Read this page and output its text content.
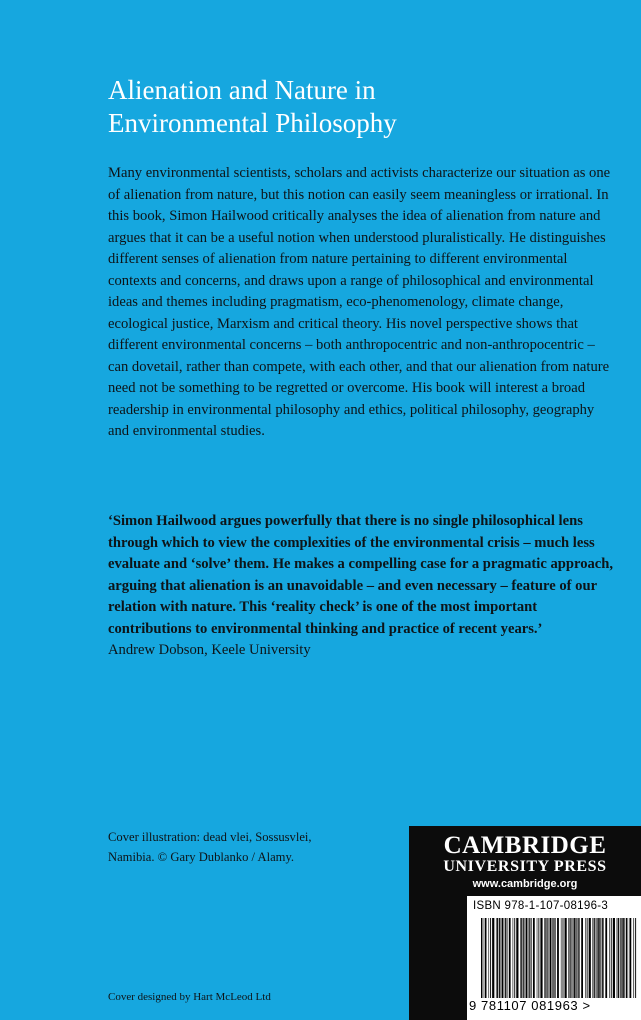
Alienation and Nature in
Environmental Philosophy

Many environmental scientists, scholars and activists characterize our situation as one of alienation from nature, but this notion can easily seem meaningless or irrational. In this book, Simon Hailwood critically analyses the idea of alienation from nature and argues that it can be a useful notion when understood pluralistically. He distinguishes different senses of alienation from nature pertaining to different environmental contexts and concerns, and draws upon a range of philosophical and environmental ideas and themes including pragmatism, eco-phenomenology, climate change, ecological justice, Marxism and critical theory. His novel perspective shows that different environmental concerns – both anthropocentric and non-anthropocentric – can dovetail, rather than compete, with each other, and that our alienation from nature need not be something to be regretted or overcome. His book will interest a broad readership in environmental philosophy and ethics, political philosophy, geography and environmental studies.

‘Simon Hailwood argues powerfully that there is no single philosophical lens through which to view the complexities of the environmental crisis – much less evaluate and ‘solve’ them. He makes a compelling case for a pragmatic approach, arguing that alienation is an unavoidable – and even necessary – feature of our relation with nature. This ‘reality check’ is one of the most important contributions to environmental thinking and practice of recent years.’

Andrew Dobson, Keele University
Cover illustration: dead vlei, Sossusvlei, Namibia. © Gary Dublanko / Alamy.
Cover designed by Hart McLeod Ltd
CAMBRIDGE
UNIVERSITY PRESS
www.cambridge.org
ISBN 978-1-107-08196-3
9 781107 081963 >
